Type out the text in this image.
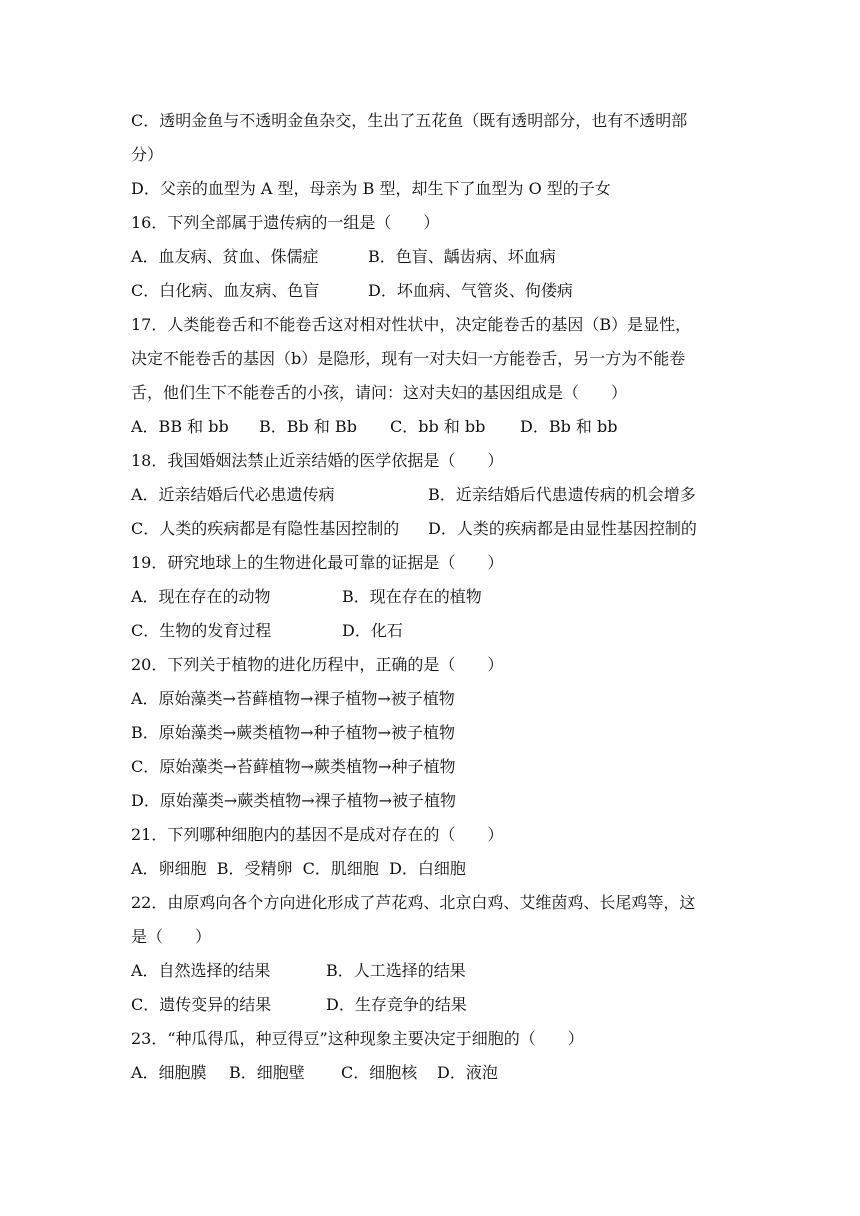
C．透明金鱼与不透明金鱼杂交，生出了五花鱼（既有透明部分，也有不透明部
分）
D．父亲的血型为 A 型，母亲为 B 型，却生下了血型为 O 型的子女
16．下列全部属于遗传病的一组是（　　）
A．血友病、贫血、侏儒症	B．色盲、龋齿病、坏血病
C．白化病、血友病、色盲	D．坏血病、气管炎、佝偻病
17．人类能卷舌和不能卷舌这对相对性状中，决定能卷舌的基因（B）是显性，
决定不能卷舌的基因（b）是隐形，现有一对夫妇一方能卷舌，另一方为不能卷
舌，他们生下不能卷舌的小孩，请问：这对夫妇的基因组成是（　　）
A．BB 和 bb B．Bb 和 Bb C．bb 和 bb D．Bb 和 bb
18．我国婚姻法禁止近亲结婚的医学依据是（　　）
A．近亲结婚后代必患遗传病	B．近亲结婚后代患遗传病的机会增多
C．人类的疾病都是有隐性基因控制的 D．人类的疾病都是由显性基因控制的
19．研究地球上的生物进化最可靠的证据是（　　）
A．现在存在的动物	B．现在存在的植物
C．生物的发育过程	D．化石
20．下列关于植物的进化历程中，正确的是（　　）
A．原始藻类→苔藓植物→裸子植物→被子植物
B．原始藻类→蕨类植物→种子植物→被子植物
C．原始藻类→苔藓植物→蕨类植物→种子植物
D．原始藻类→蕨类植物→裸子植物→被子植物
21．下列哪种细胞内的基因不是成对存在的（　　）
A．卵细胞  B．受精卵  C．肌细胞  D．白细胞
22．由原鸡向各个方向进化形成了芦花鸡、北京白鸡、艾维茵鸡、长尾鸡等，这
是（　　）
A．自然选择的结果	B．人工选择的结果
C．遗传变异的结果	D．生存竞争的结果
23．“种瓜得瓜，种豆得豆”这种现象主要决定于细胞的（　　）
A．细胞膜 B．细胞壁 C．细胞核 D．液泡
